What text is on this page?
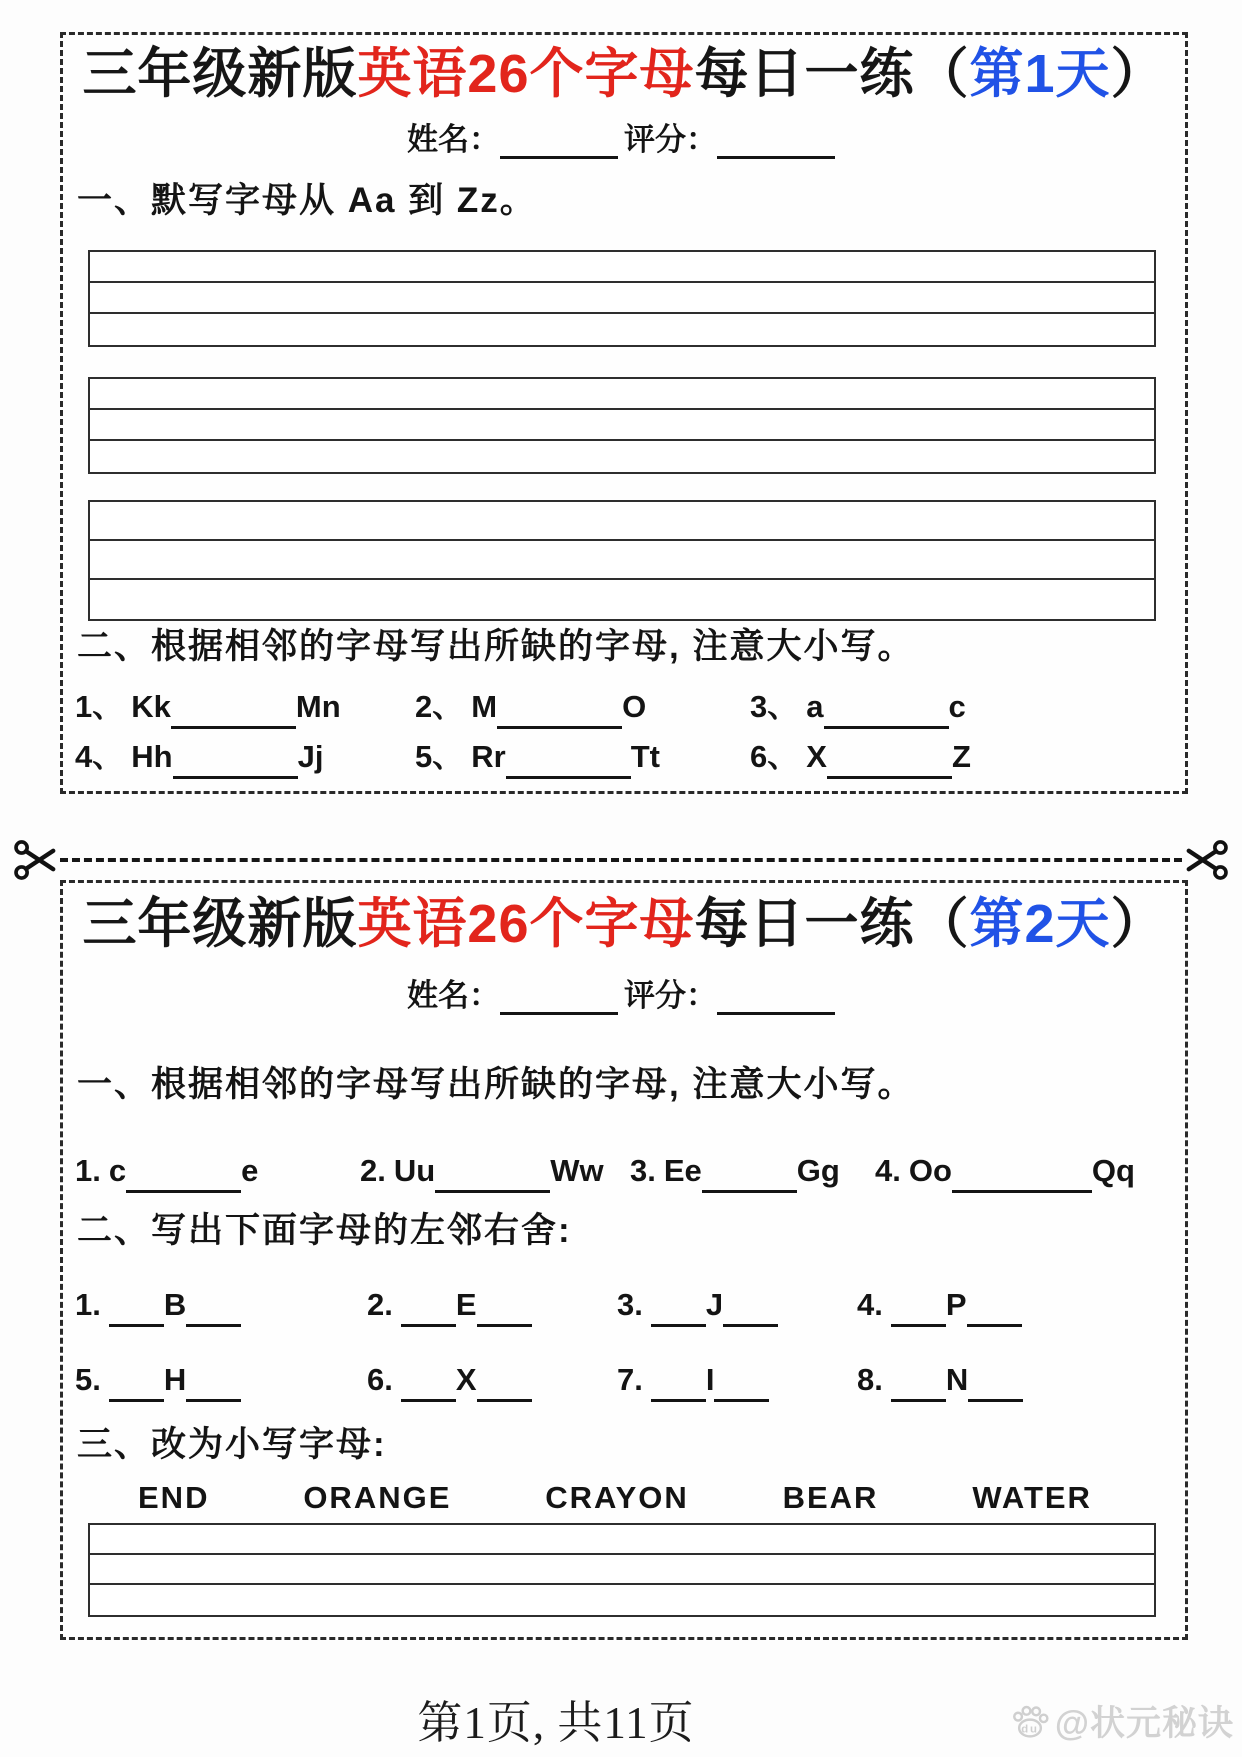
三年级新版英语26个字母每日一练（第1天）
姓名：	评分：
一、默写字母从 Aa 到 Zz。
二、根据相邻的字母写出所缺的字母, 注意大小写。
1、 Kk	Mn	2、 M	O	3、 a	c
4、 Hh	Jj	5、 Rr	Tt	6、 X	Z
三年级新版英语26个字母每日一练（第2天）
姓名：	评分：
一、根据相邻的字母写出所缺的字母, 注意大小写。
1. c	e	2. Uu	Ww 3. Ee	Gg	4. Oo	Qq
二、写出下面字母的左邻右舍:
1. B	2. E	3. J	4. P
5. H	6. X	7. I	8. N
三、改为小写字母:
END	ORANGE	CRAYON	BEAR	WATER
第1页, 共11页	du @状元秘诀
